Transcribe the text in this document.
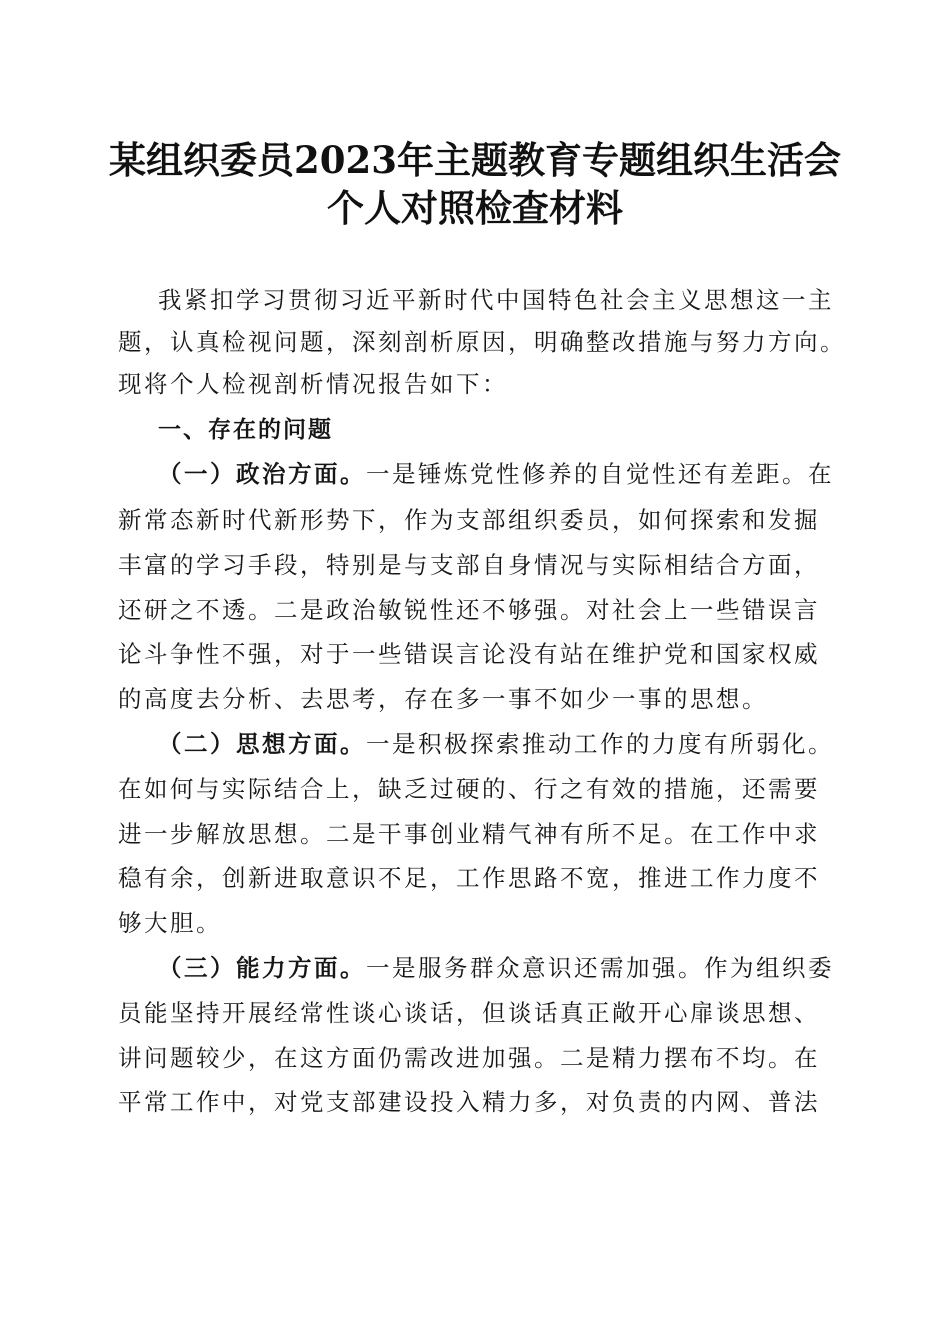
某组织委员2023年主题教育专题组织生活会
个人对照检查材料
我紧扣学习贯彻习近平新时代中国特色社会主义思想这一主
题，认真检视问题，深刻剖析原因，明确整改措施与努力方向。
现将个人检视剖析情况报告如下：
一、存在的问题
（一）政治方面。一是锤炼党性修养的自觉性还有差距。在
新常态新时代新形势下，作为支部组织委员，如何探索和发掘
丰富的学习手段，特别是与支部自身情况与实际相结合方面，
还研之不透。二是政治敏锐性还不够强。对社会上一些错误言
论斗争性不强，对于一些错误言论没有站在维护党和国家权威
的高度去分析、去思考，存在多一事不如少一事的思想。
（二）思想方面。一是积极探索推动工作的力度有所弱化。
在如何与实际结合上，缺乏过硬的、行之有效的措施，还需要
进一步解放思想。二是干事创业精气神有所不足。在工作中求
稳有余，创新进取意识不足，工作思路不宽，推进工作力度不
够大胆。
（三）能力方面。一是服务群众意识还需加强。作为组织委
员能坚持开展经常性谈心谈话，但谈话真正敞开心扉谈思想、
讲问题较少，在这方面仍需改进加强。二是精力摆布不均。在
平常工作中，对党支部建设投入精力多，对负责的内网、普法
